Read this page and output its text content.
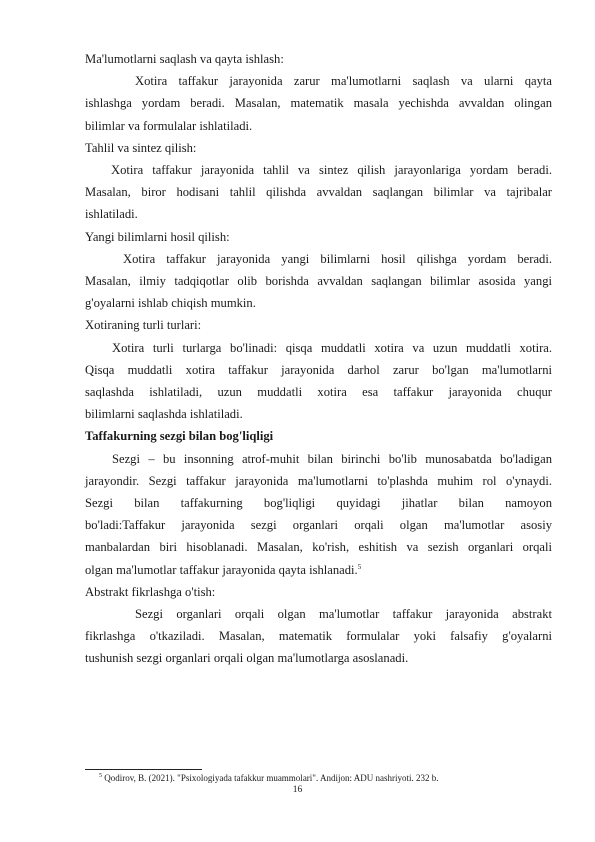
Ma'lumotlarni saqlash va qayta ishlash:
Xotira taffakur jarayonida zarur ma'lumotlarni saqlash va ularni qayta
ishlashga yordam beradi. Masalan, matematik masala yechishda avvaldan olingan
bilimlar va formulalar ishlatiladi.
Tahlil va sintez qilish:
Xotira taffakur jarayonida tahlil va sintez qilish jarayonlariga yordam beradi.
Masalan, biror hodisani tahlil qilishda avvaldan saqlangan bilimlar va tajribalar
ishlatiladi.
Yangi bilimlarni hosil qilish:
Xotira taffakur jarayonida yangi bilimlarni hosil qilishga yordam beradi.
Masalan, ilmiy tadqiqotlar olib borishda avvaldan saqlangan bilimlar asosida yangi
g'oyalarni ishlab chiqish mumkin.
Xotiraning turli turlari:
Xotira turli turlarga bo'linadi: qisqa muddatli xotira va uzun muddatli xotira.
Qisqa muddatli xotira taffakur jarayonida darhol zarur bo'lgan ma'lumotlarni
saqlashda ishlatiladi, uzun muddatli xotira esa taffakur jarayonida chuqur
bilimlarni saqlashda ishlatiladi.
Taffakurning sezgi bilan bog'liqligi
Sezgi – bu insonning atrof-muhit bilan birinchi bo'lib munosabatda bo'ladigan
jarayondir. Sezgi taffakur jarayonida ma'lumotlarni to'plashda muhim rol o'ynaydi.
Sezgi bilan taffakurning bog'liqligi quyidagi jihatlar bilan namoyon
bo'ladi:Taffakur jarayonida sezgi organlari orqali olgan ma'lumotlar asosiy
manbalardan biri hisoblanadi. Masalan, ko'rish, eshitish va sezish organlari orqali
olgan ma'lumotlar taffakur jarayonida qayta ishlanadi.$^5$
Abstrakt fikrlashga o'tish:
Sezgi organlari orqali olgan ma'lumotlar taffakur jarayonida abstrakt
fikrlashga o'tkaziladi. Masalan, matematik formulalar yoki falsafiy g'oyalarni
tushunish sezgi organlari orqali olgan ma'lumotlarga asoslanadi.
$^5$ Qodirov, B. (2021). "Psixologiyada tafakkur muammolari". Andijon: ADU nashriyoti. 232 b.
16
